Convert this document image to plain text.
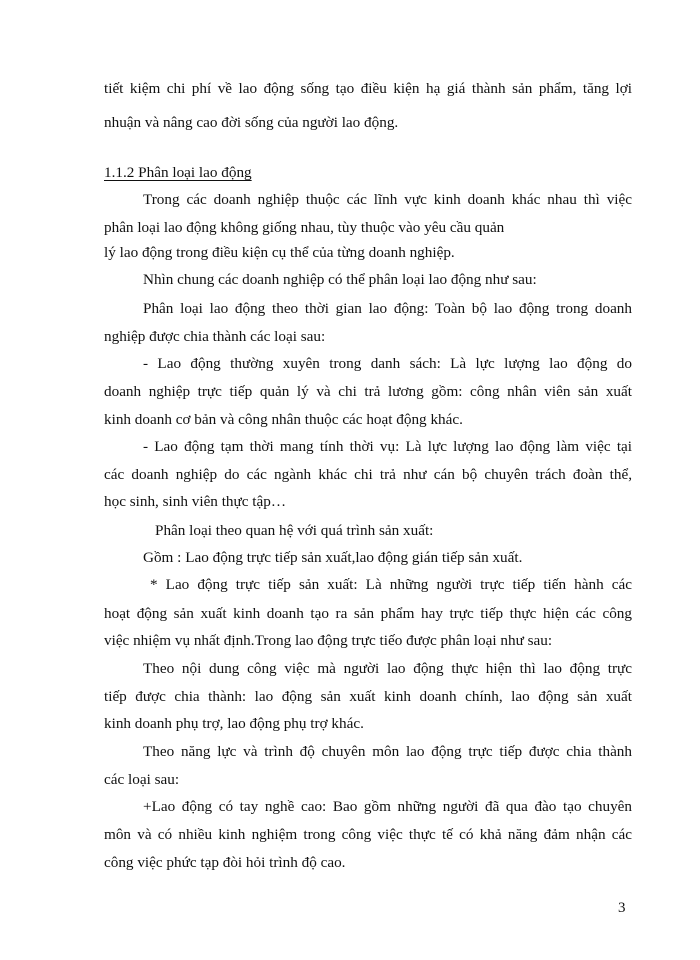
tiết kiệm chi phí về lao động sống tạo điều kiện hạ giá thành sản phẩm, tăng lợi
nhuận và nâng cao đời sống của người lao động.
1.1.2 Phân loại lao động
Trong các doanh nghiệp thuộc các lĩnh vực kinh doanh khác nhau thì việc
phân loại lao động không giống nhau, tùy thuộc vào yêu cầu quản
lý lao động trong điều kiện cụ thể của từng doanh nghiệp.
Nhìn chung các doanh nghiệp có thể phân loại lao động như sau:
Phân loại lao động theo thời gian lao động: Toàn bộ lao động trong doanh
nghiệp được chia thành các loại sau:
- Lao động thường xuyên trong danh sách: Là lực lượng lao động do
doanh nghiệp trực tiếp quản lý và chi trả lương gồm: công nhân viên sản xuất
kinh doanh cơ bản và công nhân thuộc các hoạt động khác.
- Lao động tạm thời mang tính thời vụ: Là lực lượng lao động làm việc tại
các doanh nghiệp do các ngành khác chi trả như cán bộ chuyên trách đoàn thể,
học sinh, sinh viên thực tập…
Phân loại theo quan hệ với quá trình sản xuất:
Gồm : Lao động trực tiếp sản xuất,lao động gián tiếp sản xuất.
* Lao động trực tiếp sản xuất: Là những người trực tiếp tiến hành các
hoạt động sản xuất kinh doanh tạo ra sản phẩm hay trực tiếp thực hiện các công
việc nhiệm vụ nhất định.Trong lao động trực tiếo được phân loại như sau:
Theo nội dung công việc mà người lao động thực hiện thì lao động trực
tiếp được chia thành: lao động sản xuất kinh doanh chính, lao động sản xuất
kinh doanh phụ trợ, lao động phụ trợ khác.
Theo năng lực và trình độ chuyên môn lao động trực tiếp được chia thành
các loại sau:
+Lao động có tay nghề cao: Bao gồm những người đã qua đào tạo chuyên
môn và có nhiều kinh nghiệm trong công việc thực tế có khả năng đảm nhận các
công việc phức tạp đòi hỏi trình độ cao.
3
